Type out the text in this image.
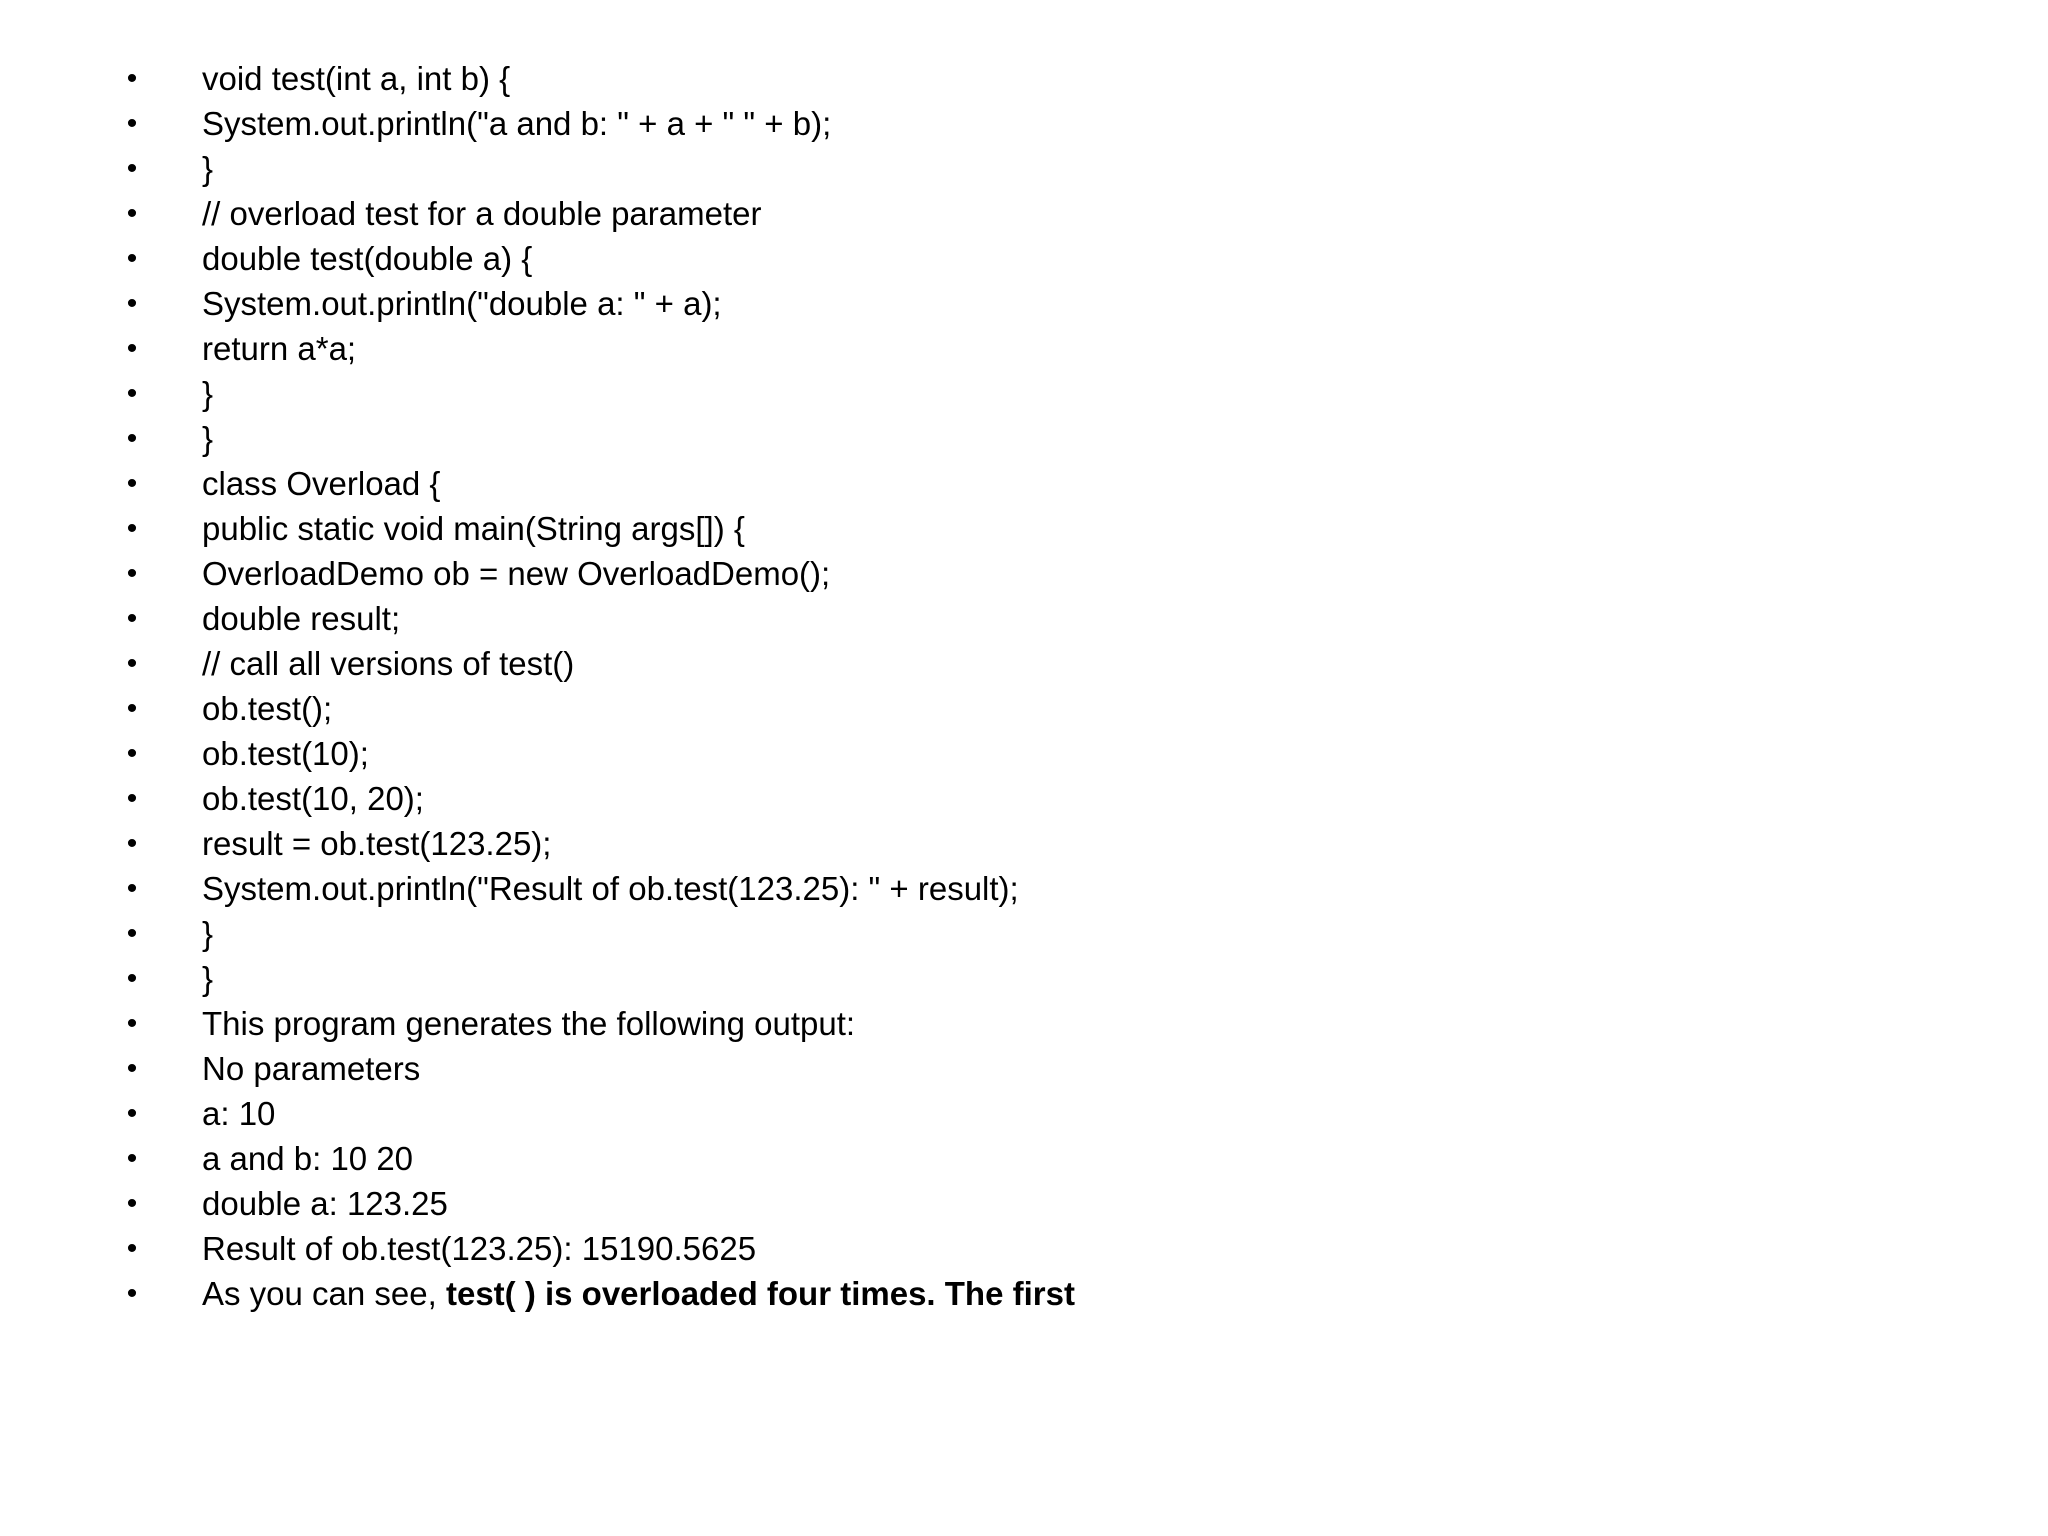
• void test(int a, int b) {
• System.out.println("a and b: " + a + " " + b);
• }
• // overload test for a double parameter
• double test(double a) {
• System.out.println("double a: " + a);
• return a*a;
• }
• }
• class Overload {
• public static void main(String args[]) {
• OverloadDemo ob = new OverloadDemo();
• double result;
• // call all versions of test()
• ob.test();
• ob.test(10);
• ob.test(10, 20);
• result = ob.test(123.25);
• System.out.println("Result of ob.test(123.25): " + result);
• }
• }
• This program generates the following output:
• No parameters
• a: 10
• a and b: 10 20
• double a: 123.25
• Result of ob.test(123.25): 15190.5625
• As you can see, test( ) is overloaded four times. The first
